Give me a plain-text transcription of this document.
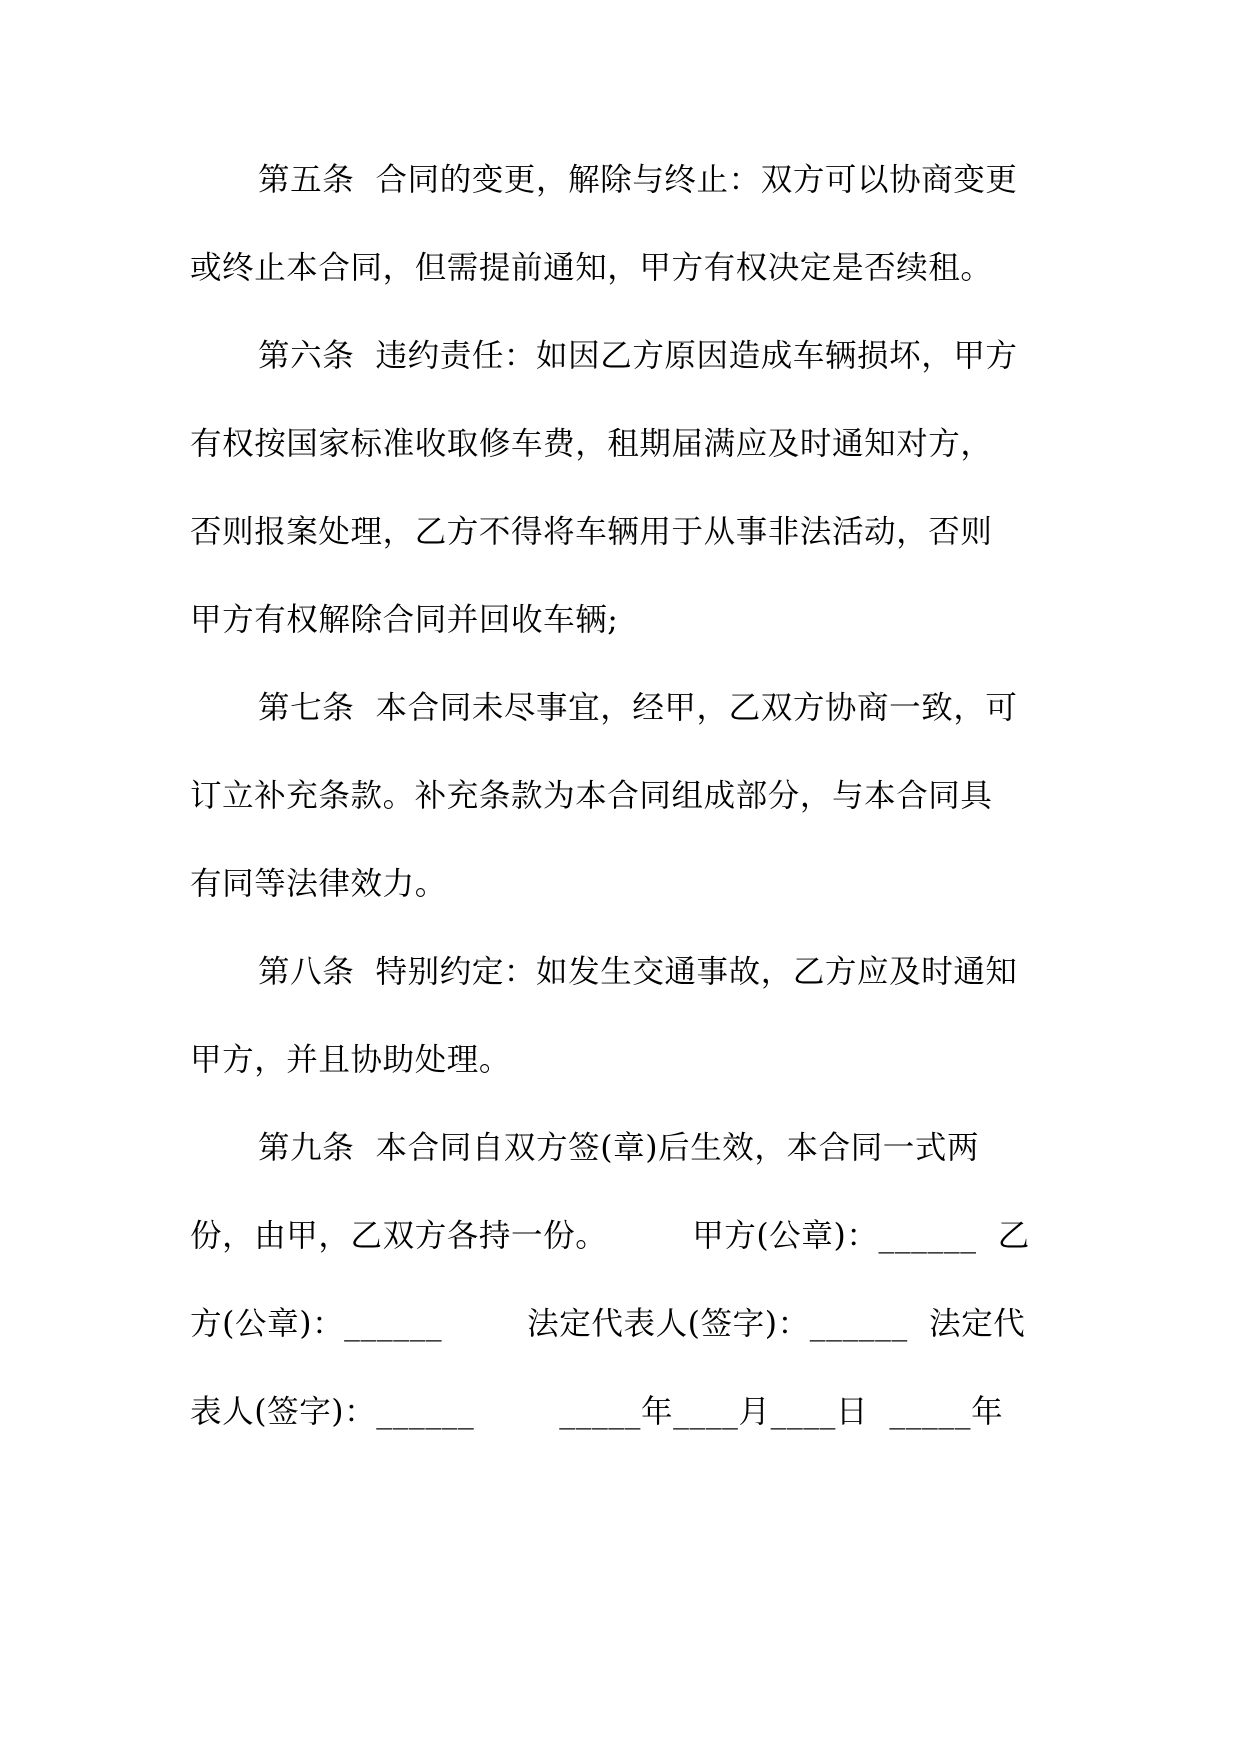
第五条  合同的变更，解除与终止：双方可以协商变更
或终止本合同，但需提前通知，甲方有权决定是否续租。
第六条  违约责任：如因乙方原因造成车辆损坏，甲方
有权按国家标准收取修车费，租期届满应及时通知对方，
否则报案处理，乙方不得将车辆用于从事非法活动，否则
甲方有权解除合同并回收车辆;
第七条  本合同未尽事宜，经甲，乙双方协商一致，可
订立补充条款。补充条款为本合同组成部分，与本合同具
有同等法律效力。
第八条  特别约定：如发生交通事故，乙方应及时通知
甲方，并且协助处理。
第九条  本合同自双方签(章)后生效，本合同一式两
份，由甲，乙双方各持一份。        甲方(公章)：______  乙
方(公章)：______        法定代表人(签字)：______  法定代
表人(签字)：______        _____年____月____日  _____年
